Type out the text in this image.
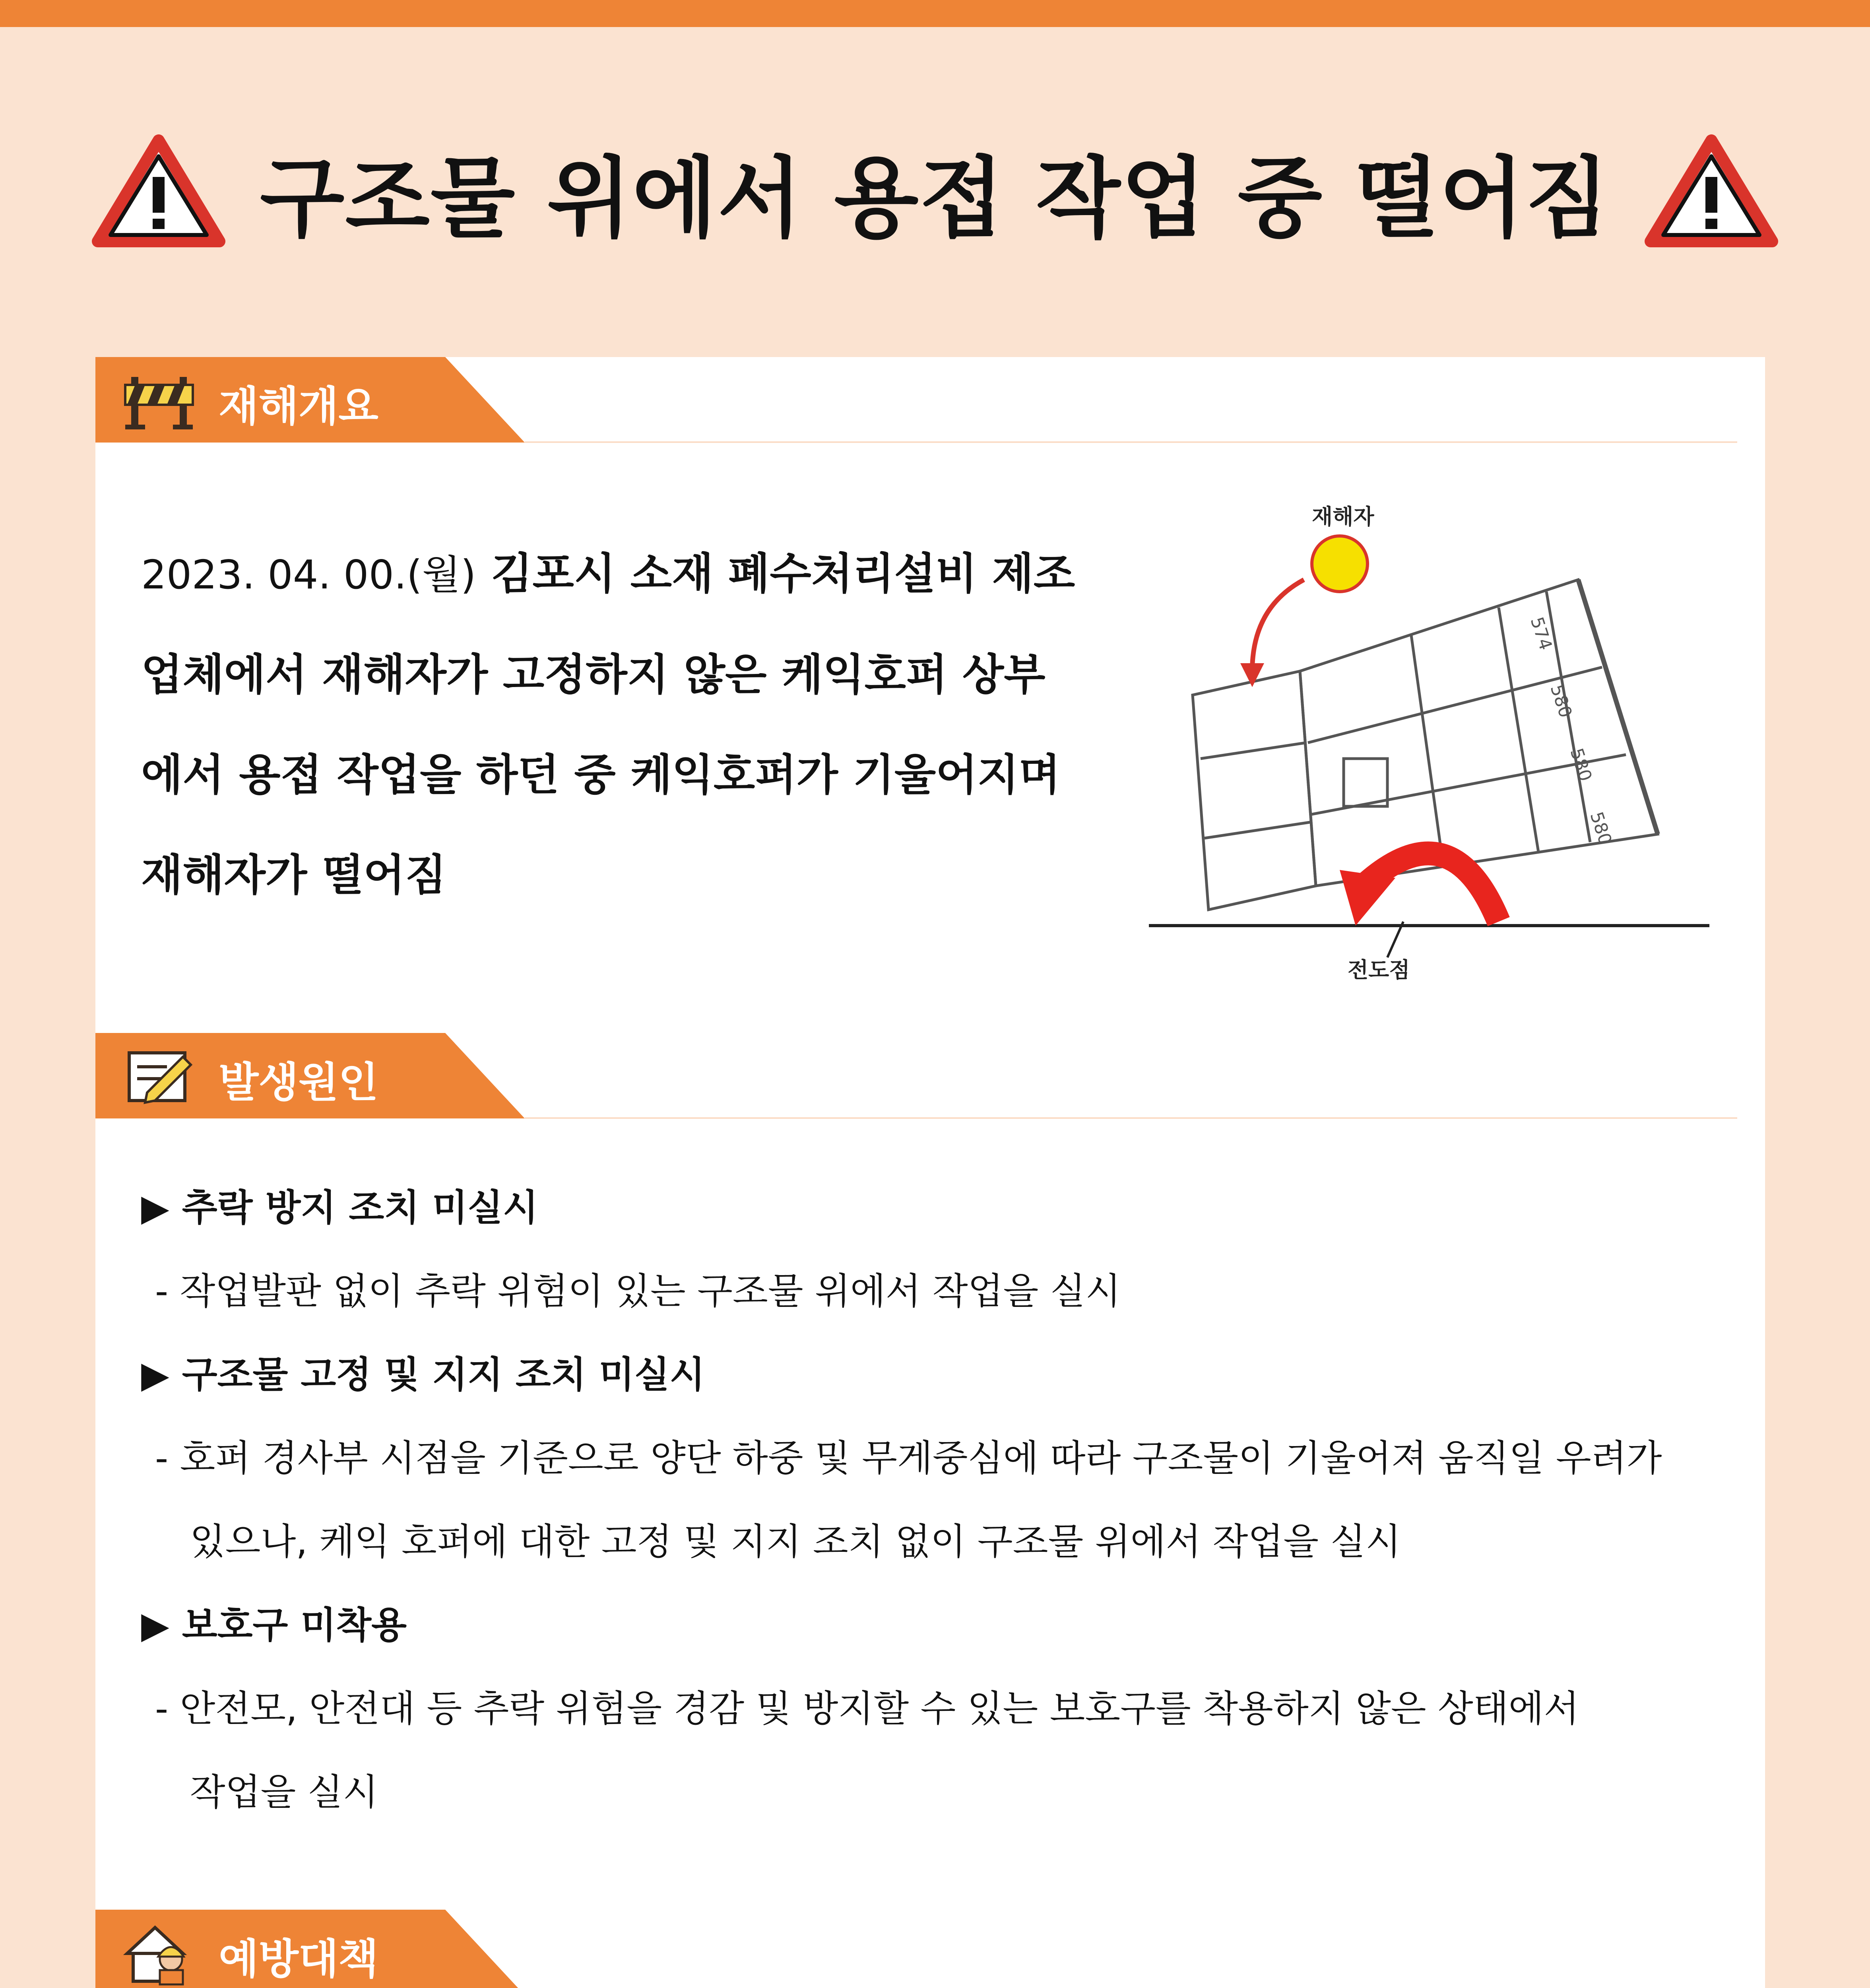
구조물 위에서 용접 작업 중 떨어짐
재해개요
2023. 04. 00.(월) 김포시 소재 폐수처리설비 제조
업체에서 재해자가 고정하지 않은 케익호퍼 상부
에서 용접 작업을 하던 중 케익호퍼가 기울어지며
재해자가 떨어짐
574
580
580
580
재해자
전도점
발생원인
▶ 추락 방지 조치 미실시
- 작업발판 없이 추락 위험이 있는 구조물 위에서 작업을 실시
▶ 구조물 고정 및 지지 조치 미실시
- 호퍼 경사부 시점을 기준으로 양단 하중 및 무게중심에 따라 구조물이 기울어져 움직일 우려가
있으나, 케익 호퍼에 대한 고정 및 지지 조치 없이 구조물 위에서 작업을 실시
▶ 보호구 미착용
- 안전모, 안전대 등 추락 위험을 경감 및 방지할 수 있는 보호구를 착용하지 않은 상태에서
작업을 실시
예방대책
